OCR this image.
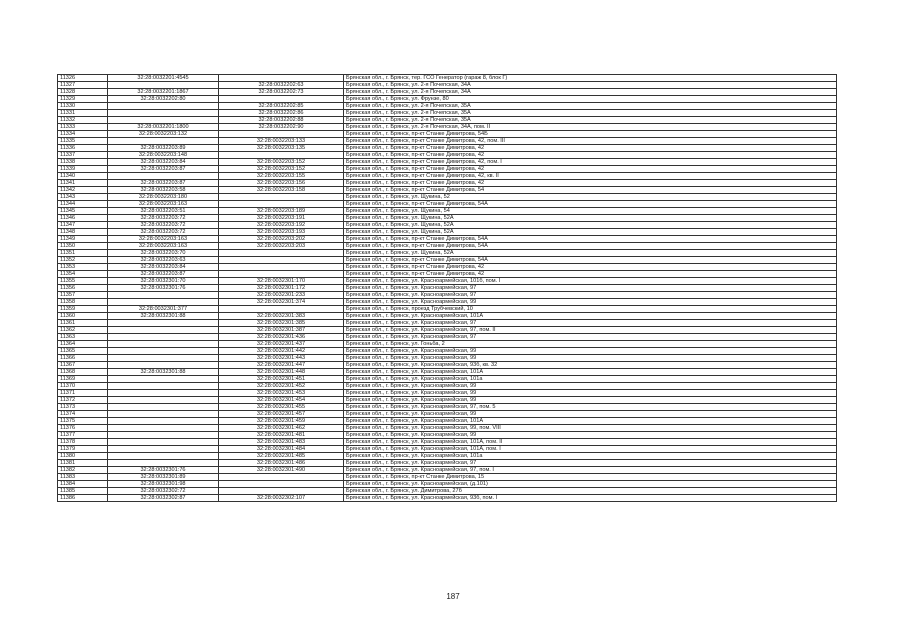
11326	32:28:0032201:4545		Брянская обл., г. Брянск, тер. ГСО Генератор (гараж 8, блок Г)
11327		32:28:0032202:63	Брянская обл., г. Брянск, ул. 2-я Почепская, 34А
11328	32:28:0032201:1867	32:28:0032202:73	Брянская обл., г. Брянск, ул. 2-я Почепская, 34А
11329	32:28:0032202:80		Брянская обл., г. Брянск, ул. Фрунзе, 80
11330		32:28:0032202:85	Брянская обл., г. Брянск, ул. 2-я Почепская, 35А
11331		32:28:0032202:86	Брянская обл., г. Брянск, ул. 2-я Почепская, 35А
11332		32:28:0032202:88	Брянская обл., г. Брянск, ул. 2-я Почепская, 35А
11333	32:28:0032201:1800	32:28:0032202:90	Брянская обл., г. Брянск, ул. 2-я Почепская, 34А, пом. II
11334	32:28:0032203:132		Брянская обл., г. Брянск, пр-кт Станке Димитрова, 54Б
11335		32:28:0032203:133	Брянская обл., г. Брянск, пр-кт Станке Димитрова, 42, пом. III
11336	32:28:0032203:89	32:28:0032203:135	Брянская обл., г. Брянск, пр-кт Станке Димитрова, 42
11337	32:28:0032203:148		Брянская обл., г. Брянск, пр-кт Станке Димитрова, 42
11338	32:28:0032203:84	32:28:0032203:152	Брянская обл., г. Брянск, пр-кт Станке Димитрова, 42, пом. I
11339	32:28:0032203:87	32:28:0032203:152	Брянская обл., г. Брянск, пр-кт Станке Димитрова, 42
11340		32:28:0032203:155	Брянская обл., г. Брянск, пр-кт Станке Димитрова, 42, кв. II
11341	32:28:0032203:87	32:28:0032203:156	Брянская обл., г. Брянск, пр-кт Станке Димитрова, 42
11342	32:28:0032203:58	32:28:0032203:158	Брянская обл., г. Брянск, пр-кт Станке Димитрова, 54
11343	32:28:0032203:180		Брянская обл., г. Брянск, ул. Щукина, 52
11344	32:28:0032203:163		Брянская обл., г. Брянск, пр-кт Станке Димитрова, 54А
11345	32:28:0032203:51	32:28:0032203:189	Брянская обл., г. Брянск, ул. Щукина, 54
11346	32:28:0032203:72	32:28:0032203:191	Брянская обл., г. Брянск, ул. Щукина, 52А
11347	32:28:0032203:72	32:28:0032203:192	Брянская обл., г. Брянск, ул. Щукина, 52А
11348	32:28:0032203:72	32:28:0032203:193	Брянская обл., г. Брянск, ул. Щукина, 52А
11349	32:28:0032203:163	32:28:0032203:202	Брянская обл., г. Брянск, пр-кт Станке Димитрова, 54А
11350	32:28:0032203:163	32:28:0032203:203	Брянская обл., г. Брянск, пр-кт Станке Димитрова, 54А
11351	32:28:0032203:70		Брянская обл., г. Брянск, ул. Щукина, 52А
11352	32:28:0032203:63		Брянская обл., г. Брянск, пр-кт Станке Димитрова, 54А
11353	32:28:0032203:84		Брянская обл., г. Брянск, пр-кт Станке Димитрова, 42
11354	32:28:0032203:87		Брянская обл., г. Брянск, пр-кт Станке Димитрова, 42
11355	32:28:0032301:70	32:28:0032301:170	Брянская обл., г. Брянск, ул. Красноармейская, 101б, пом. I
11356	32:28:0032301:76	32:28:0032301:172	Брянская обл., г. Брянск, ул. Красноармейская, 97
11357		32:28:0032301:233	Брянская обл., г. Брянск, ул. Красноармейская, 97
11358		32:28:0032301:374	Брянская обл., г. Брянск, ул. Красноармейская, 99
11359	32:28:0032301:377		Брянская обл., г. Брянск, проезд Трубчевский, 10
11360	32:28:0032301:88	32:28:0032301:383	Брянская обл., г. Брянск, ул. Красноармейская, 101А
11361		32:28:0032301:385	Брянская обл., г. Брянск, ул. Красноармейская, 97
11362		32:28:0032301:387	Брянская обл., г. Брянск, ул. Красноармейская, 97, пом. II
11363		32:28:0032301:436	Брянская обл., г. Брянск, ул. Красноармейская, 97
11364		32:28:0032301:437	Брянская обл., г. Брянск, ул. Гоньба, 2
11365		32:28:0032301:442	Брянская обл., г. Брянск, ул. Красноармейская, 99
11366		32:28:0032301:443	Брянская обл., г. Брянск, ул. Красноармейская, 99
11367		32:28:0032301:447	Брянская обл., г. Брянск, ул. Красноармейская, 93б, кв. 32
11368	32:28:0032301:88	32:28:0032301:448	Брянская обл., г. Брянск, ул. Красноармейская, 101А
11369		32:28:0032301:451	Брянская обл., г. Брянск, ул. Красноармейская, 101а
11370		32:28:0032301:452	Брянская обл., г. Брянск, ул. Красноармейская, 99
11371		32:28:0032301:453	Брянская обл., г. Брянск, ул. Красноармейская, 99
11372		32:28:0032301:454	Брянская обл., г. Брянск, ул. Красноармейская, 99
11373		32:28:0032301:455	Брянская обл., г. Брянск, ул. Красноармейская, 97, пом. 5
11374		32:28:0032301:457	Брянская обл., г. Брянск, ул. Красноармейская, 99
11375		32:28:0032301:459	Брянская обл., г. Брянск, ул. Красноармейская, 101А
11376		32:28:0032301:462	Брянская обл., г. Брянск, ул. Красноармейская, 99, пом. VIII
11377		32:28:0032301:481	Брянская обл., г. Брянск, ул. Красноармейская, 99
11378		32:28:0032301:483	Брянская обл., г. Брянск, ул. Красноармейская, 101А, пом. II
11379		32:28:0032301:484	Брянская обл., г. Брянск, ул. Красноармейская, 101А, пом. I
11380		32:28:0032301:485	Брянская обл., г. Брянск, ул. Красноармейская, 101а
11381		32:28:0032301:486	Брянская обл., г. Брянск, ул. Красноармейская, 97
11382	32:28:0032301:76	32:28:0032301:490	Брянская обл., г. Брянск, ул. Красноармейская, 97, пом. I
11383	32:28:0032301:89		Брянская обл., г. Брянск, пр-кт Станке Димитрова, 15
11384	32:28:0032301:98		Брянская обл., г. Брянск, ул. Красноармейская, (д.101)
11385	32:28:0032302:72		Брянская обл., г. Брянск, ул. Димитрова, 27б
11386	32:28:0032302:87	32:28:0032302:107	Брянская обл., г. Брянск, ул. Красноармейская, 93б, пом. I
187
